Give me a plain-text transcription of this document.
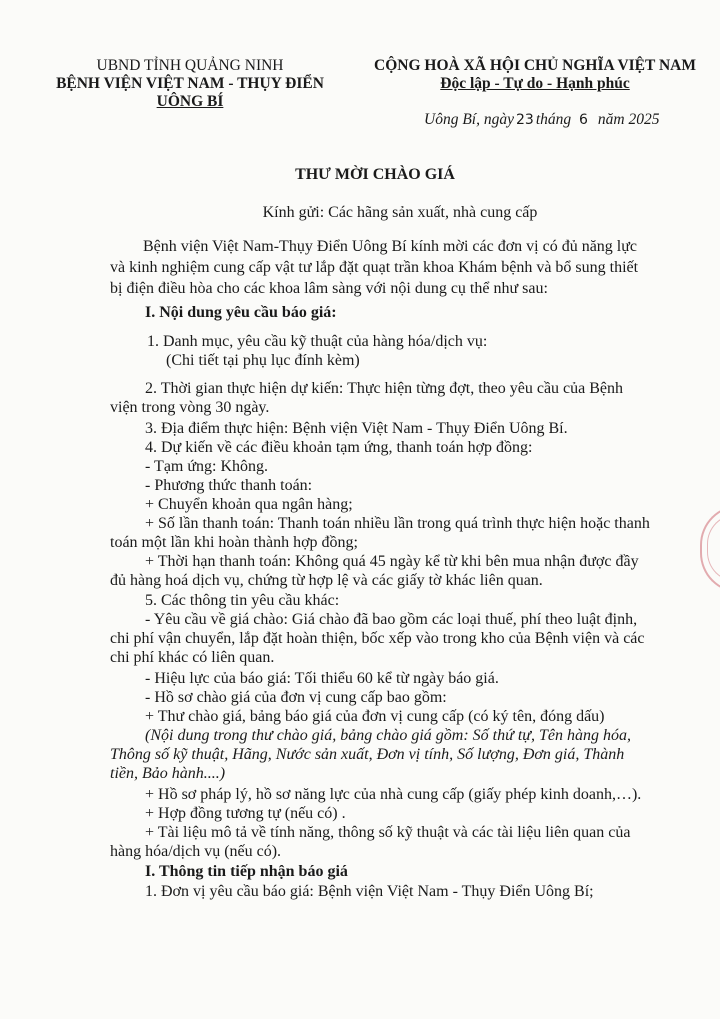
UBND TỈNH QUẢNG NINH
BỆNH VIỆN VIỆT NAM - THỤY ĐIỂN
UÔNG BÍ
CỘNG HOÀ XÃ HỘI CHỦ NGHĨA VIỆT NAM
Độc lập - Tự do - Hạnh phúc
Uông Bí, ngày 23 tháng 6 năm 2025
THƯ MỜI CHÀO GIÁ
Kính gửi: Các hãng sản xuất, nhà cung cấp
Bệnh viện Việt Nam-Thụy Điển Uông Bí kính mời các đơn vị có đủ năng lực
và kinh nghiệm cung cấp vật tư lắp đặt quạt trần khoa Khám bệnh và bổ sung thiết
bị điện điều hòa cho các khoa lâm sàng với nội dung cụ thể như sau:
I. Nội dung yêu cầu báo giá:
1. Danh mục, yêu cầu kỹ thuật của hàng hóa/dịch vụ:
(Chi tiết tại phụ lục đính kèm)
2. Thời gian thực hiện dự kiến: Thực hiện từng đợt, theo yêu cầu của Bệnh
viện trong vòng 30 ngày.
3. Địa điểm thực hiện: Bệnh viện Việt Nam - Thụy Điển Uông Bí.
4. Dự kiến về các điều khoản tạm ứng, thanh toán hợp đồng:
- Tạm ứng: Không.
- Phương thức thanh toán:
+ Chuyển khoản qua ngân hàng;
+ Số lần thanh toán: Thanh toán nhiều lần trong quá trình thực hiện hoặc thanh
toán một lần khi hoàn thành hợp đồng;
+ Thời hạn thanh toán: Không quá 45 ngày kể từ khi bên mua nhận được đầy
đủ hàng hoá dịch vụ, chứng từ hợp lệ và các giấy tờ khác liên quan.
5. Các thông tin yêu cầu khác:
- Yêu cầu về giá chào: Giá chào đã bao gồm các loại thuế, phí theo luật định,
chi phí vận chuyển, lắp đặt hoàn thiện, bốc xếp vào trong kho của Bệnh viện và các
chi phí khác có liên quan.
- Hiệu lực của báo giá: Tối thiểu 60 kể từ ngày báo giá.
- Hồ sơ chào giá của đơn vị cung cấp bao gồm:
+ Thư chào giá, bảng báo giá của đơn vị cung cấp (có ký tên, đóng dấu)
(Nội dung trong thư chào giá, bảng chào giá gồm: Số thứ tự, Tên hàng hóa,
Thông số kỹ thuật, Hãng, Nước sản xuất, Đơn vị tính, Số lượng, Đơn giá, Thành
tiền, Bảo hành....)
+ Hồ sơ pháp lý, hồ sơ năng lực của nhà cung cấp (giấy phép kinh doanh,…).
+ Hợp đồng tương tự (nếu có) .
+ Tài liệu mô tả về tính năng, thông số kỹ thuật và các tài liệu liên quan của
hàng hóa/dịch vụ (nếu có).
I. Thông tin tiếp nhận báo giá
1. Đơn vị yêu cầu báo giá: Bệnh viện Việt Nam - Thụy Điển Uông Bí;
